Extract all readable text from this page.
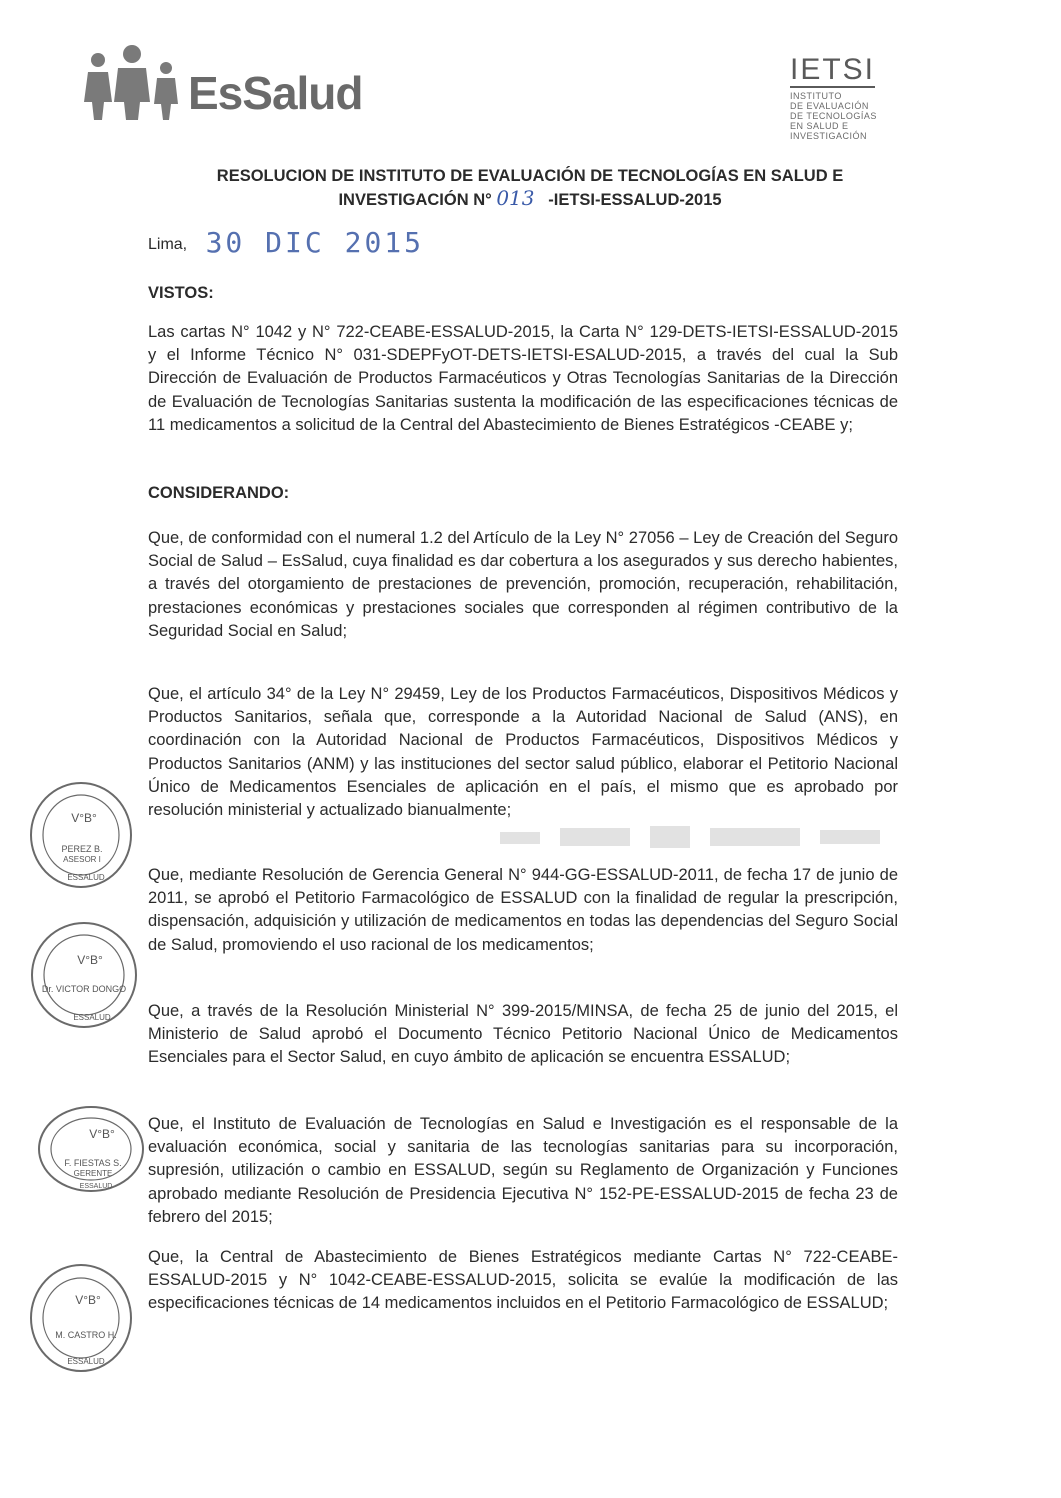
EsSalud	IETSI
INSTITUTO
DE EVALUACIÓN
DE TECNOLOGÍAS
EN SALUD E
INVESTIGACIÓN
RESOLUCION DE INSTITUTO DE EVALUACIÓN DE TECNOLOGÍAS EN SALUD E
INVESTIGACIÓN N° 013 -IETSI-ESSALUD-2015
Lima, 30 DIC 2015
VISTOS:
Las cartas N° 1042 y N° 722-CEABE-ESSALUD-2015, la Carta N° 129-DETS-IETSI-ESSALUD-2015 y el Informe Técnico N° 031-SDEPFyOT-DETS-IETSI-ESALUD-2015, a través del cual la Sub Dirección de Evaluación de Productos Farmacéuticos y Otras Tecnologías Sanitarias de la Dirección de Evaluación de Tecnologías Sanitarias sustenta la modificación de las especificaciones técnicas de 11 medicamentos a solicitud de la Central del Abastecimiento de Bienes Estratégicos -CEABE y;
CONSIDERANDO:
Que, de conformidad con el numeral 1.2 del Artículo de la Ley N° 27056 – Ley de Creación del Seguro Social de Salud – EsSalud, cuya finalidad es dar cobertura a los asegurados y sus derecho habientes, a través del otorgamiento de prestaciones de prevención, promoción, recuperación, rehabilitación, prestaciones económicas y prestaciones sociales que corresponden al régimen contributivo de la Seguridad Social en Salud;
Que, el artículo 34° de la Ley N° 29459, Ley de los Productos Farmacéuticos, Dispositivos Médicos y Productos Sanitarios, señala que, corresponde a la Autoridad Nacional de Salud (ANS), en coordinación con la Autoridad Nacional de Productos Farmacéuticos, Dispositivos Médicos y Productos Sanitarios (ANM) y las instituciones del sector salud público, elaborar el Petitorio Nacional Único de Medicamentos Esenciales de aplicación en el país, el mismo que es aprobado por resolución ministerial y actualizado bianualmente;
Que, mediante Resolución de Gerencia General N° 944-GG-ESSALUD-2011, de fecha 17 de junio de 2011, se aprobó el Petitorio Farmacológico de ESSALUD con la finalidad de regular la prescripción, dispensación, adquisición y utilización de medicamentos en todas las dependencias del Seguro Social de Salud, promoviendo el uso racional de los medicamentos;
Que, a través de la Resolución Ministerial N° 399-2015/MINSA, de fecha 25 de junio del 2015, el Ministerio de Salud aprobó el Documento Técnico Petitorio Nacional Único de Medicamentos Esenciales para el Sector Salud, en cuyo ámbito de aplicación se encuentra ESSALUD;
Que, el Instituto de Evaluación de Tecnologías en Salud e Investigación es el responsable de la evaluación económica, social y sanitaria de las tecnologías sanitarias para su incorporación, supresión, utilización o cambio en ESSALUD, según su Reglamento de Organización y Funciones aprobado mediante Resolución de Presidencia Ejecutiva N° 152-PE-ESSALUD-2015 de fecha 23 de febrero del 2015;
Que, la Central de Abastecimiento de Bienes Estratégicos mediante Cartas N° 722-CEABE-ESSALUD-2015 y N° 1042-CEABE-ESSALUD-2015, solicita se evalúe la modificación de las especificaciones técnicas de 14 medicamentos incluidos en el Petitorio Farmacológico de ESSALUD;
V°B°
PEREZ B.
ASESOR I
ESSALUD
V°B°
Dr. VICTOR DONGO
ESSALUD
V°B°
F. FIESTAS S.
GERENTE
ESSALUD
V°B°
M. CASTRO H.
ESSALUD
